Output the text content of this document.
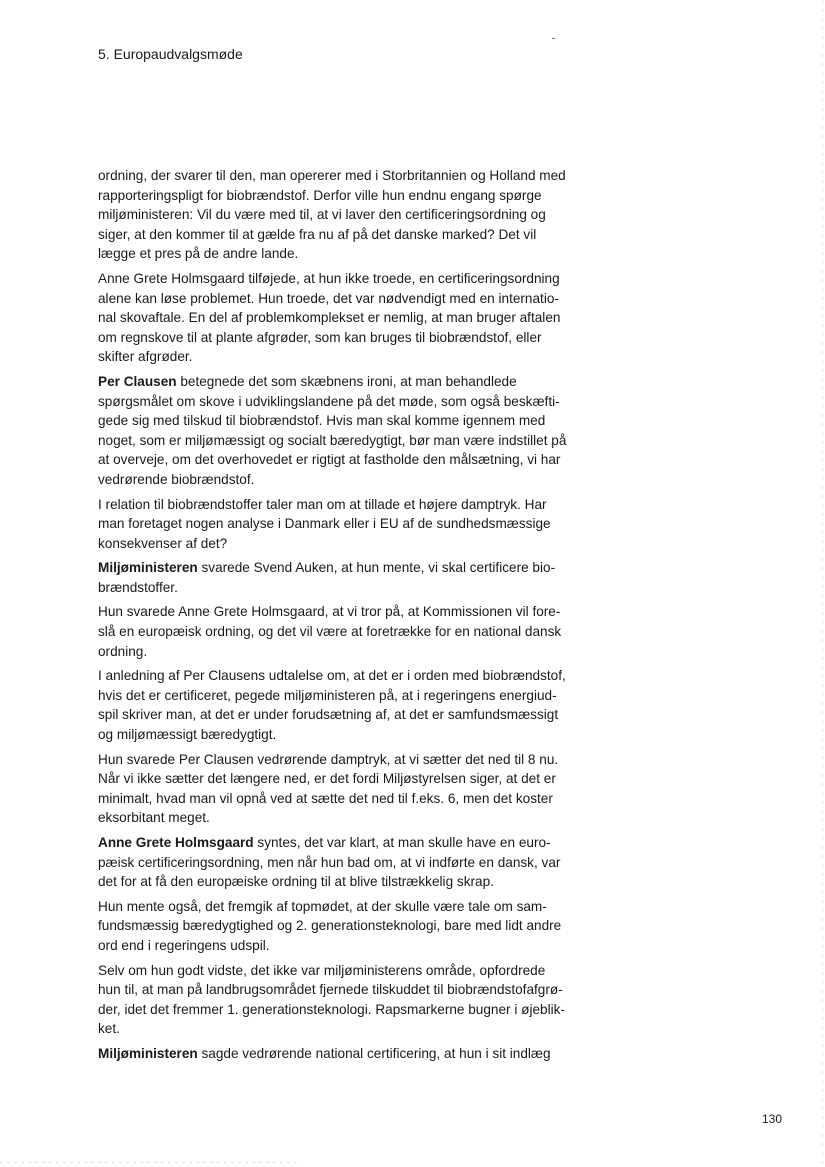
5. Europaudvalgsmøde

ordning, der svarer til den, man opererer med i Storbritannien og Holland med
rapporteringspligt for biobrændstof. Derfor ville hun endnu engang spørge
miljøministeren: Vil du være med til, at vi laver den certificeringsordning og
siger, at den kommer til at gælde fra nu af på det danske marked? Det vil
lægge et pres på de andre lande.

Anne Grete Holmsgaard tilføjede, at hun ikke troede, en certificeringsordning
alene kan løse problemet. Hun troede, det var nødvendigt med en internatio-
nal skovaftale. En del af problemkomplekset er nemlig, at man bruger aftalen
om regnskove til at plante afgrøder, som kan bruges til biobrændstof, eller
skifter afgrøder.

Per Clausen betegnede det som skæbnens ironi, at man behandlede
spørgsmålet om skove i udviklingslandene på det møde, som også beskæfti-
gede sig med tilskud til biobrændstof. Hvis man skal komme igennem med
noget, som er miljømæssigt og socialt bæredygtigt, bør man være indstillet på
at overveje, om det overhovedet er rigtigt at fastholde den målsætning, vi har
vedrørende biobrændstof.

I relation til biobrændstoffer taler man om at tillade et højere damptryk. Har
man foretaget nogen analyse i Danmark eller i EU af de sundhedsmæssige
konsekvenser af det?

Miljøministeren svarede Svend Auken, at hun mente, vi skal certificere bio-
brændstoffer.

Hun svarede Anne Grete Holmsgaard, at vi tror på, at Kommissionen vil fore-
slå en europæisk ordning, og det vil være at foretrække for en national dansk
ordning.

I anledning af Per Clausens udtalelse om, at det er i orden med biobrændstof,
hvis det er certificeret, pegede miljøministeren på, at i regeringens energiud-
spil skriver man, at det er under forudsætning af, at det er samfundsmæssigt
og miljømæssigt bæredygtigt.

Hun svarede Per Clausen vedrørende damptryk, at vi sætter det ned til 8 nu.
Når vi ikke sætter det længere ned, er det fordi Miljøstyrelsen siger, at det er
minimalt, hvad man vil opnå ved at sætte det ned til f.eks. 6, men det koster
eksorbitant meget.

Anne Grete Holmsgaard syntes, det var klart, at man skulle have en euro-
pæisk certificeringsordning, men når hun bad om, at vi indførte en dansk, var
det for at få den europæiske ordning til at blive tilstrækkelig skrap.

Hun mente også, det fremgik af topmødet, at der skulle være tale om sam-
fundsmæssig bæredygtighed og 2. generationsteknologi, bare med lidt andre
ord end i regeringens udspil.

Selv om hun godt vidste, det ikke var miljøministerens område, opfordrede
hun til, at man på landbrugsområdet fjernede tilskuddet til biobrændstofafgrø-
der, idet det fremmer 1. generationsteknologi. Rapsmarkerne bugner i øjeblik-
ket.

Miljøministeren sagde vedrørende national certificering, at hun i sit indlæg

130
